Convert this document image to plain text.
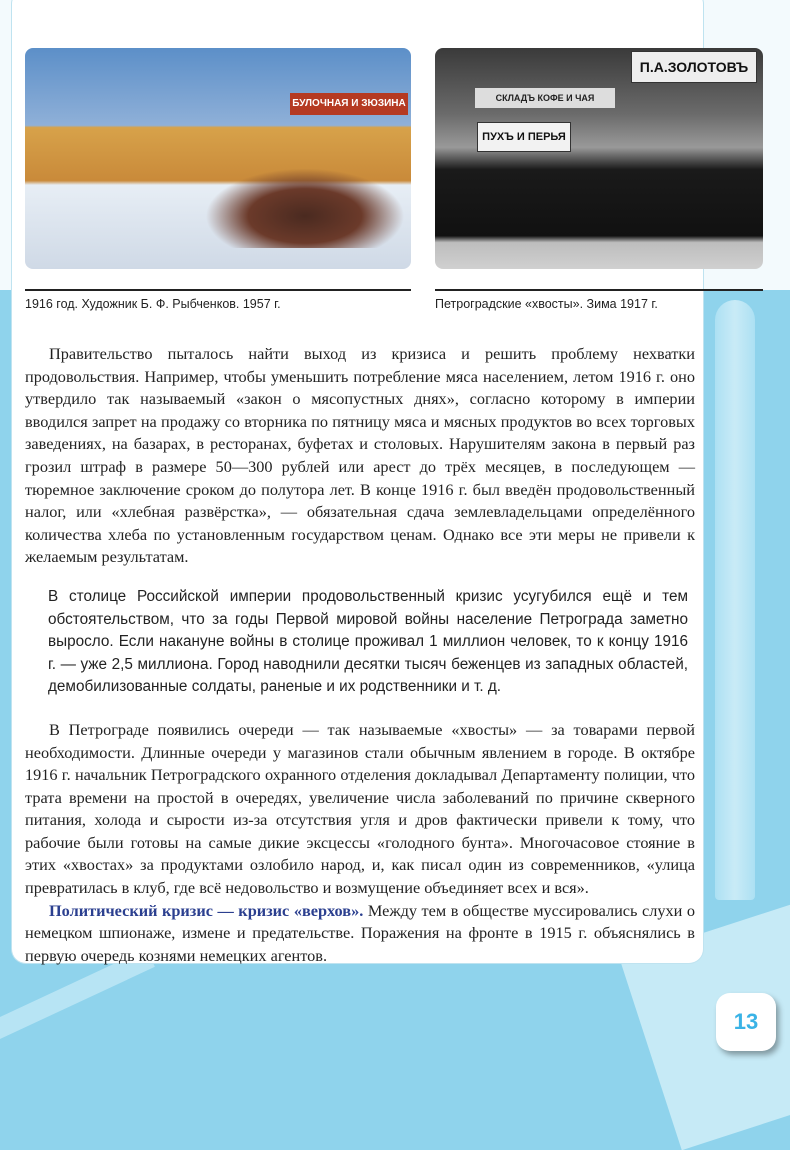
БУЛОЧНАЯ И ЗЮЗИНА
П.А.ЗОЛОТОВЪ
СКЛАДЪ КОФЕ И ЧАЯ
ПУХЪ И ПЕРЬЯ
1916 год. Художник Б. Ф. Рыбченков. 1957 г.	Петроградские «хвосты». Зима 1917 г.

Правительство пыталось найти выход из кризиса и решить проблему нехватки продовольствия. Например, чтобы уменьшить потребление мяса населением, летом 1916 г. оно утвердило так называемый «закон о мясопустных днях», согласно которому в империи вводился запрет на продажу со вторника по пятницу мяса и мясных продуктов во всех торговых заведениях, на базарах, в ресторанах, буфетах и столовых. Нарушителям закона в первый раз грозил штраф в размере 50—300 рублей или арест до трёх месяцев, в последующем — тюремное заключение сроком до полутора лет. В конце 1916 г. был введён продовольственный налог, или «хлебная развёрстка», — обязательная сдача землевладельцами определённого количества хлеба по установленным государством ценам. Однако все эти меры не привели к желаемым результатам.

В столице Российской империи продовольственный кризис усугубился ещё и тем обстоятельством, что за годы Первой мировой войны население Петрограда заметно выросло. Если накануне войны в столице проживал 1 миллион человек, то к концу 1916 г. — уже 2,5 миллиона. Город наводнили десятки тысяч беженцев из западных областей, демобилизованные солдаты, раненые и их родственники и т. д.

В Петрограде появились очереди — так называемые «хвосты» — за товарами первой необходимости. Длинные очереди у магазинов стали обычным явлением в городе. В октябре 1916 г. начальник Петроградского охранного отделения докладывал Департаменту полиции, что трата времени на простой в очередях, увеличение числа заболеваний по причине скверного питания, холода и сырости из-за отсутствия угля и дров фактически привели к тому, что рабочие были готовы на самые дикие эксцессы «голодного бунта». Многочасовое стояние в этих «хвостах» за продуктами озлобило народ, и, как писал один из современников, «улица превратилась в клуб, где всё недовольство и возмущение объединяет всех и вся».

Политический кризис — кризис «верхов». Между тем в обществе муссировались слухи о немецком шпионаже, измене и предательстве. Поражения на фронте в 1915 г. объяснялись в первую очередь кознями немецких агентов.

13
